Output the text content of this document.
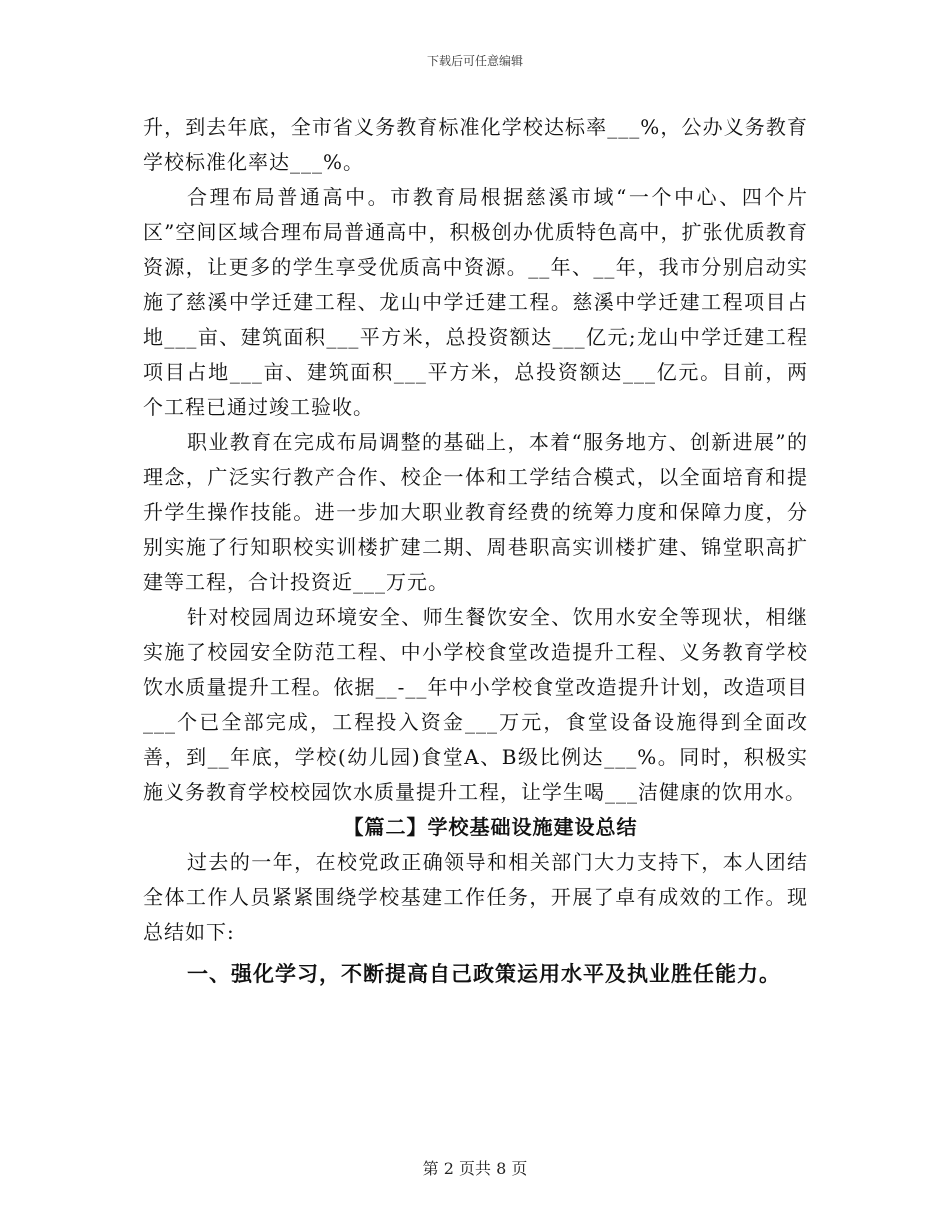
下载后可任意编辑

升，到去年底，全市省义务教育标准化学校达标率___%，公办义务教育学校标准化率达___%。

合理布局普通高中。市教育局根据慈溪市域“一个中心、四个片区”空间区域合理布局普通高中，积极创办优质特色高中，扩张优质教育资源，让更多的学生享受优质高中资源。__年、__年，我市分别启动实施了慈溪中学迁建工程、龙山中学迁建工程。慈溪中学迁建工程项目占地___亩、建筑面积___平方米，总投资额达___亿元;龙山中学迁建工程项目占地___亩、建筑面积___平方米，总投资额达___亿元。目前，两个工程已通过竣工验收。

职业教育在完成布局调整的基础上，本着“服务地方、创新进展”的理念，广泛实行教产合作、校企一体和工学结合模式，以全面培育和提升学生操作技能。进一步加大职业教育经费的统筹力度和保障力度，分别实施了行知职校实训楼扩建二期、周巷职高实训楼扩建、锦堂职高扩建等工程，合计投资近___万元。

针对校园周边环境安全、师生餐饮安全、饮用水安全等现状，相继实施了校园安全防范工程、中小学校食堂改造提升工程、义务教育学校饮水质量提升工程。依据__-__年中小学校食堂改造提升计划，改造项目___个已全部完成，工程投入资金___万元，食堂设备设施得到全面改善，到__年底，学校(幼儿园)食堂A、B级比例达___%。同时，积极实施义务教育学校校园饮水质量提升工程，让学生喝___洁健康的饮用水。

【篇二】学校基础设施建设总结

过去的一年，在校党政正确领导和相关部门大力支持下，本人团结全体工作人员紧紧围绕学校基建工作任务，开展了卓有成效的工作。现总结如下:

一、强化学习，不断提高自己政策运用水平及执业胜任能力。

第 2 页共 8 页
